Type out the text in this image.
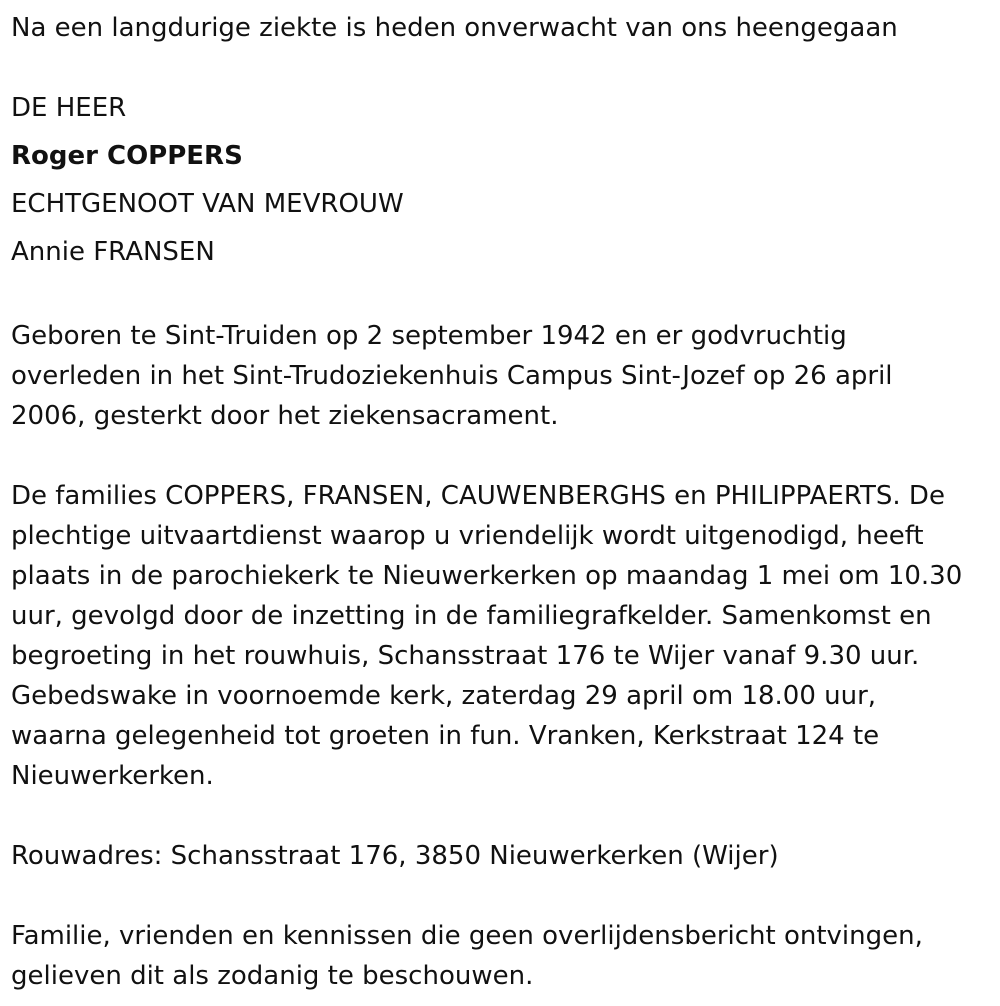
Na een langdurige ziekte is heden onverwacht van ons heengegaan
DE HEER
Roger COPPERS
ECHTGENOOT VAN MEVROUW
Annie FRANSEN
Geboren te Sint-Truiden op 2 september 1942 en er godvruchtig
overleden in het Sint-Trudoziekenhuis Campus Sint-Jozef op 26 april
2006, gesterkt door het ziekensacrament.
De families COPPERS, FRANSEN, CAUWENBERGHS en PHILIPPAERTS. De
plechtige uitvaartdienst waarop u vriendelijk wordt uitgenodigd, heeft
plaats in de parochiekerk te Nieuwerkerken op maandag 1 mei om 10.30
uur, gevolgd door de inzetting in de familiegrafkelder. Samenkomst en
begroeting in het rouwhuis, Schansstraat 176 te Wijer vanaf 9.30 uur.
Gebedswake in voornoemde kerk, zaterdag 29 april om 18.00 uur,
waarna gelegenheid tot groeten in fun. Vranken, Kerkstraat 124 te
Nieuwerkerken.
Rouwadres: Schansstraat 176, 3850 Nieuwerkerken (Wijer)
Familie, vrienden en kennissen die geen overlijdensbericht ontvingen,
gelieven dit als zodanig te beschouwen.
